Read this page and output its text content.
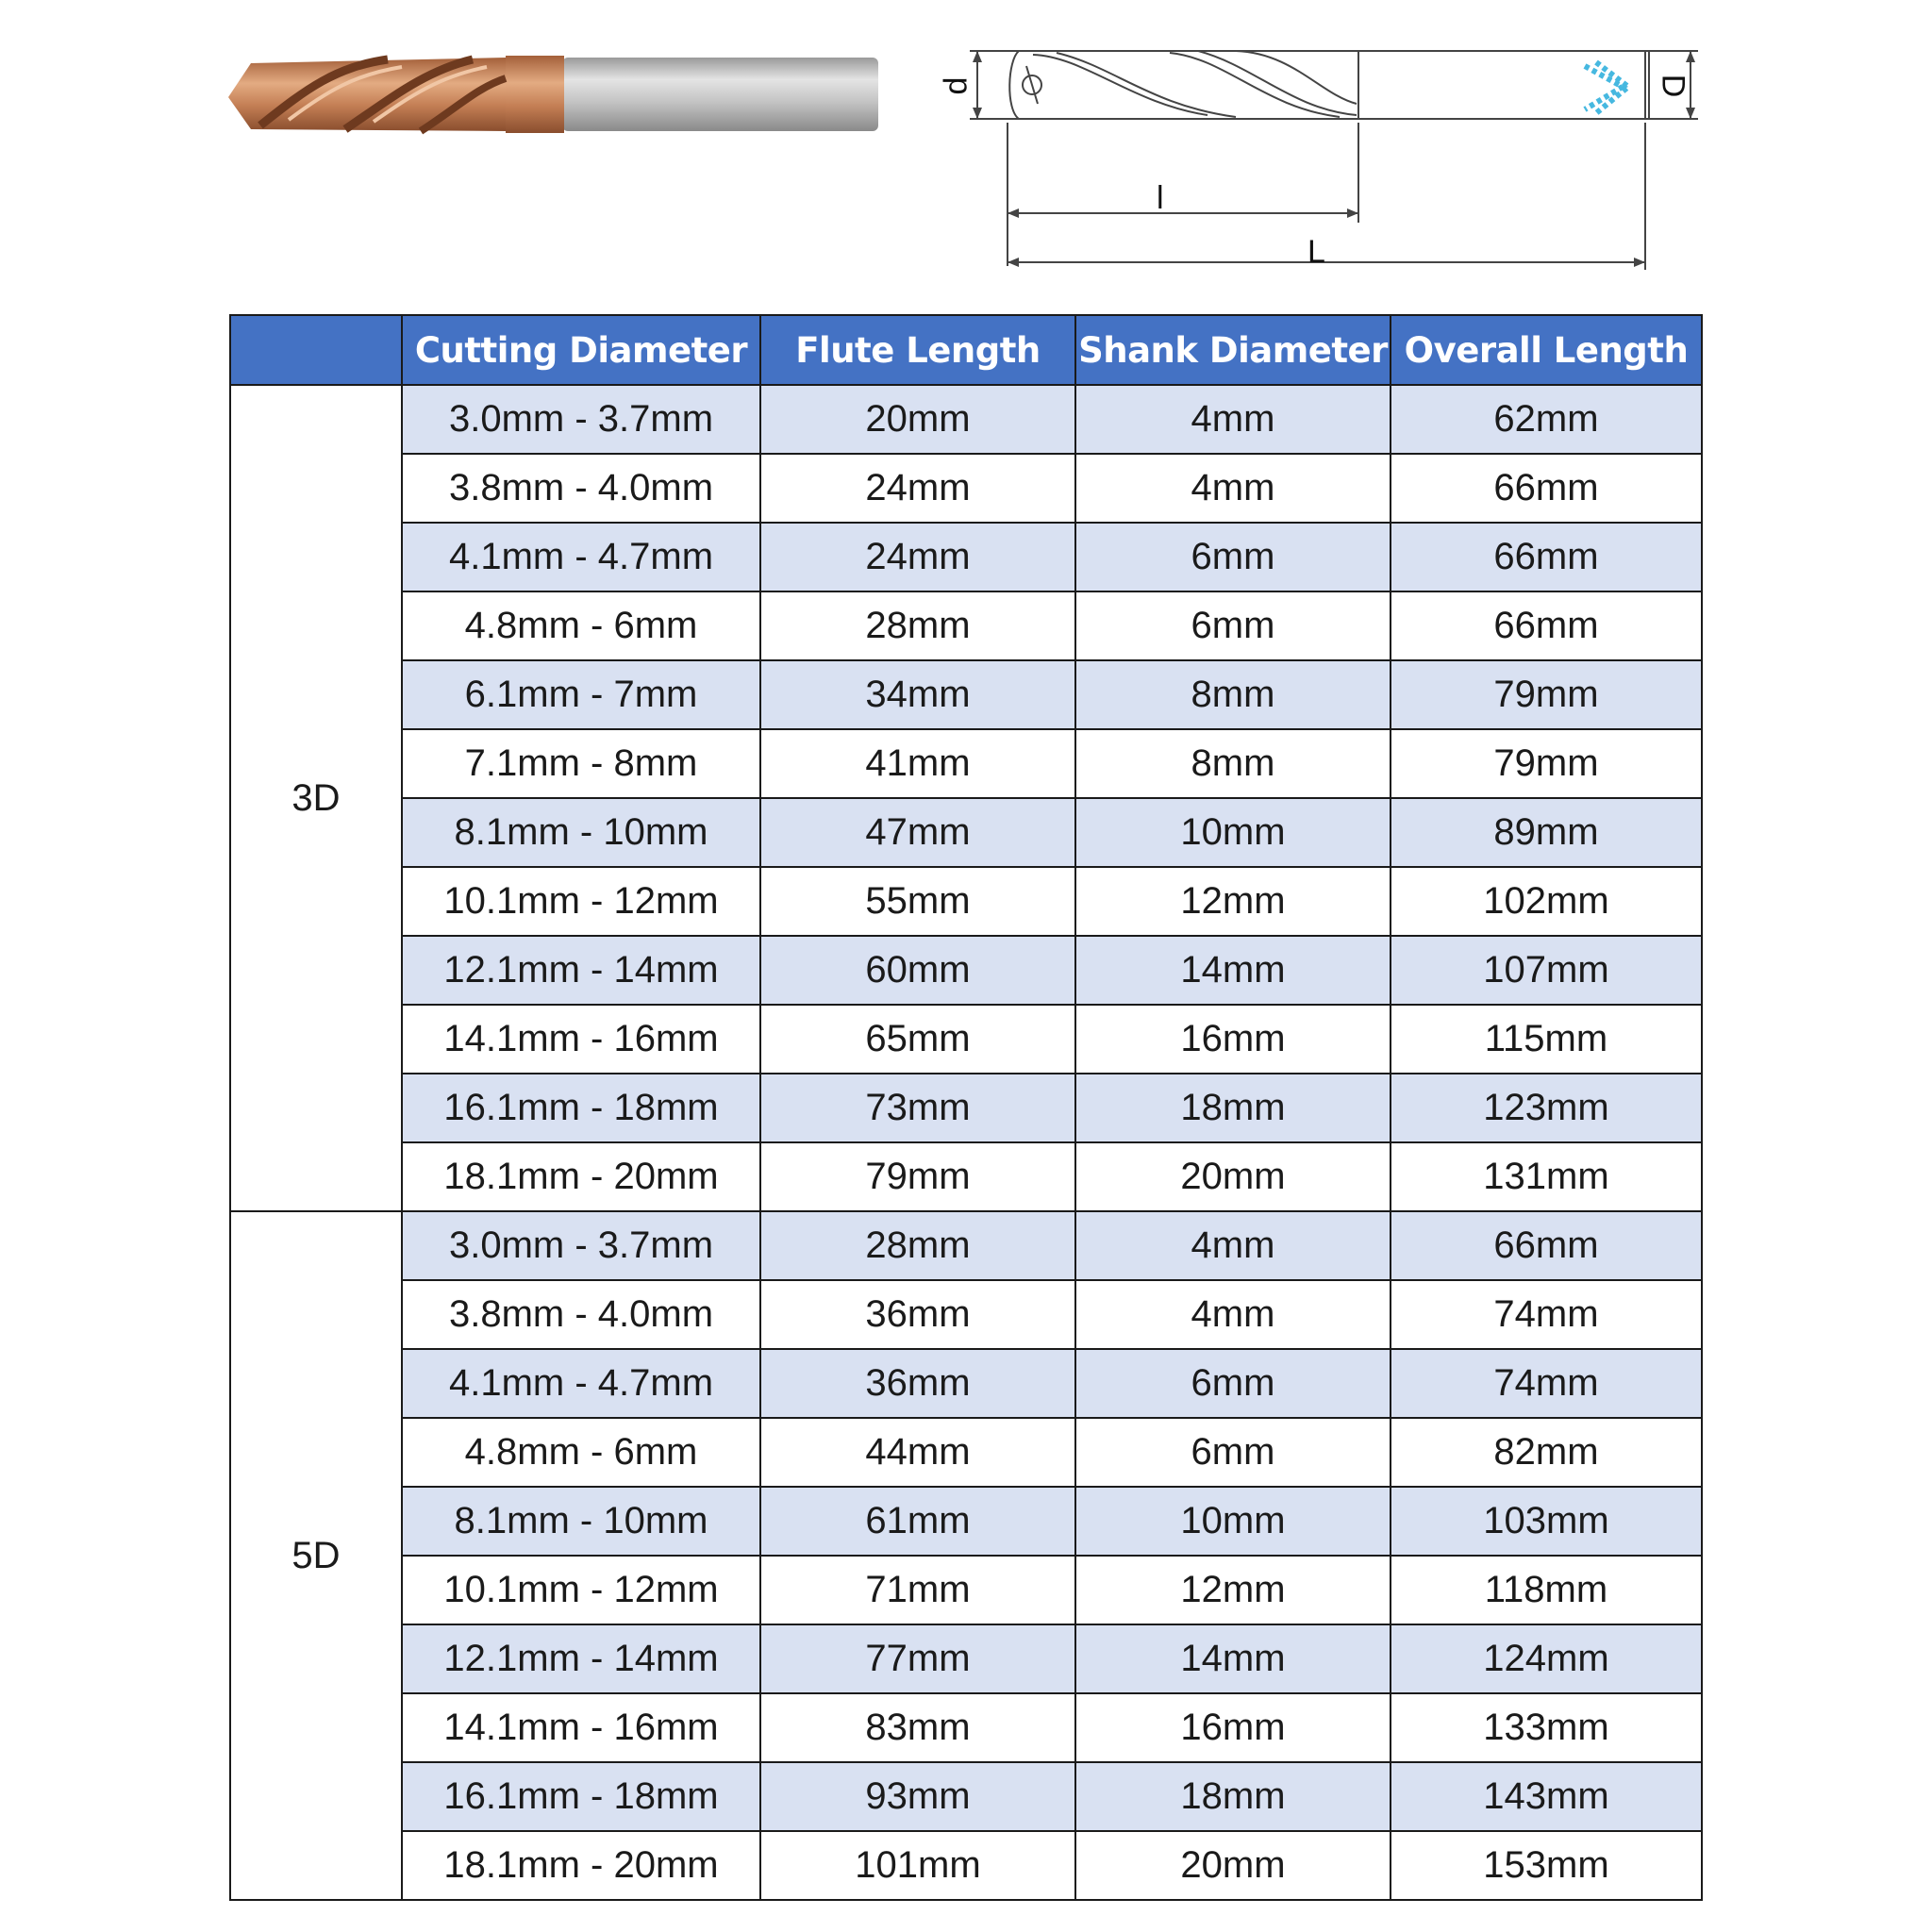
d	D
l
L
	Cutting Diameter	Flute Length	Shank Diameter	Overall Length
3D	3.0mm - 3.7mm	20mm	4mm	62mm
	3.8mm - 4.0mm	24mm	4mm	66mm
	4.1mm - 4.7mm	24mm	6mm	66mm
	4.8mm - 6mm	28mm	6mm	66mm
	6.1mm - 7mm	34mm	8mm	79mm
	7.1mm - 8mm	41mm	8mm	79mm
	8.1mm - 10mm	47mm	10mm	89mm
	10.1mm - 12mm	55mm	12mm	102mm
	12.1mm - 14mm	60mm	14mm	107mm
	14.1mm - 16mm	65mm	16mm	115mm
	16.1mm - 18mm	73mm	18mm	123mm
	18.1mm - 20mm	79mm	20mm	131mm
5D	3.0mm - 3.7mm	28mm	4mm	66mm
	3.8mm - 4.0mm	36mm	4mm	74mm
	4.1mm - 4.7mm	36mm	6mm	74mm
	4.8mm - 6mm	44mm	6mm	82mm
	8.1mm - 10mm	61mm	10mm	103mm
	10.1mm - 12mm	71mm	12mm	118mm
	12.1mm - 14mm	77mm	14mm	124mm
	14.1mm - 16mm	83mm	16mm	133mm
	16.1mm - 18mm	93mm	18mm	143mm
	18.1mm - 20mm	101mm	20mm	153mm
